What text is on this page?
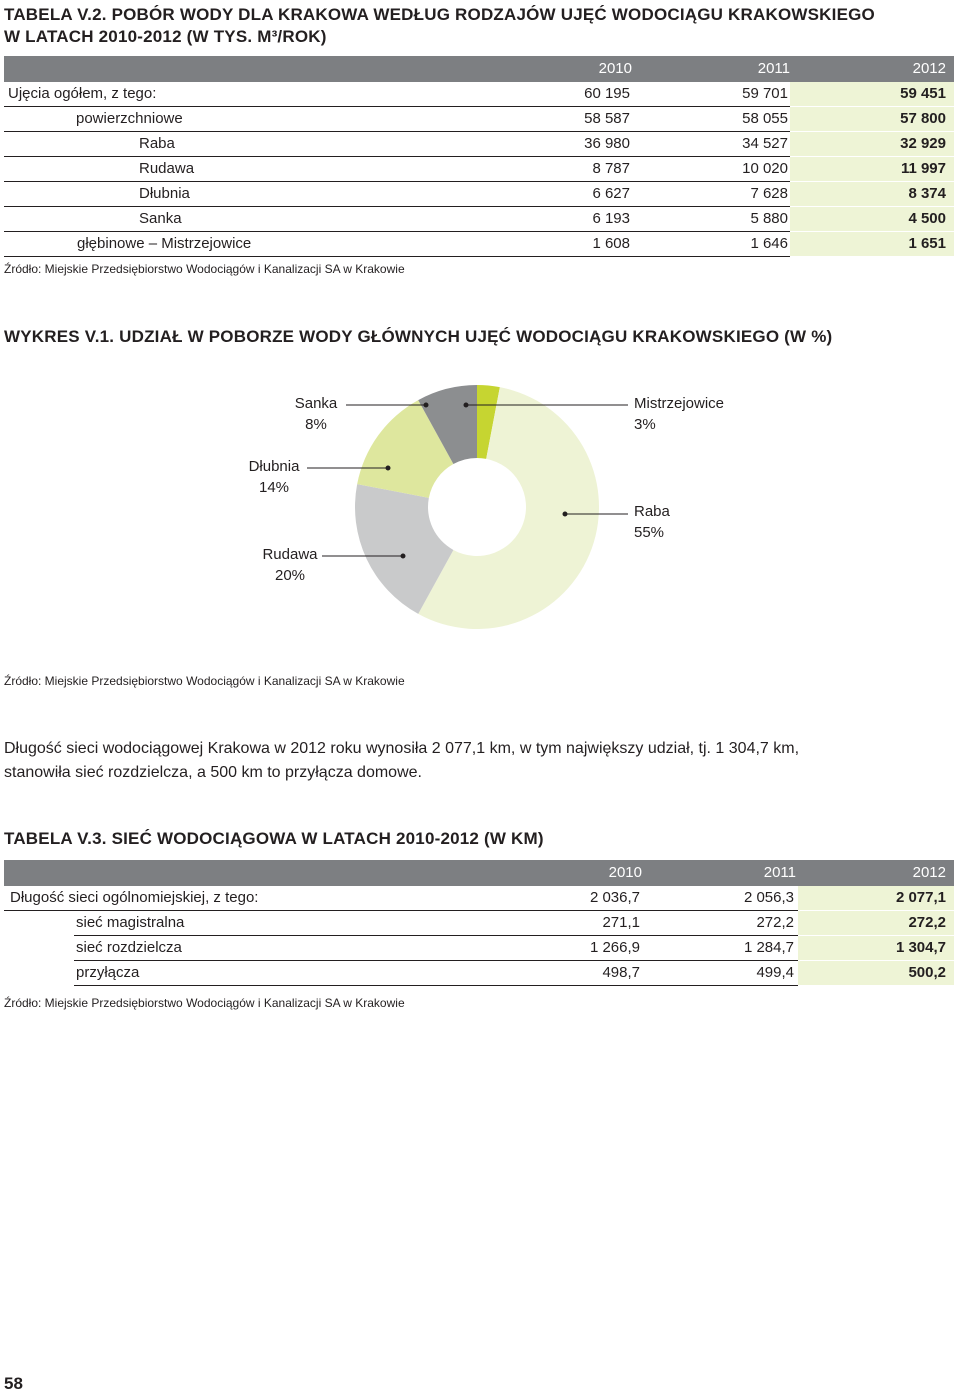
TABELA V.2. POBÓR WODY DLA KRAKOWA WEDŁUG RODZAJÓW UJĘĆ WODOCIĄGU KRAKOWSKIEGO
W LATACH 2010-2012 (W TYS. M³/ROK)
2010	2011	2012
Ujęcia ogółem, z tego:	60 195	59 701	59 451
powierzchniowe	58 587	58 055	57 800
Raba	36 980	34 527	32 929
Rudawa	8 787	10 020	11 997
Dłubnia	6 627	7 628	8 374
Sanka	6 193	5 880	4 500
głębinowe – Mistrzejowice	1 608	1 646	1 651
Źródło: Miejskie Przedsiębiorstwo Wodociągów i Kanalizacji SA w Krakowie
WYKRES V.1. UDZIAŁ W POBORZE WODY GŁÓWNYCH UJĘĆ WODOCIĄGU KRAKOWSKIEGO (W %)
Sanka
8%
Mistrzejowice
3%
Dłubnia
14%
Raba
55%
Rudawa
20%
Źródło: Miejskie Przedsiębiorstwo Wodociągów i Kanalizacji SA w Krakowie
Długość sieci wodociągowej Krakowa w 2012 roku wynosiła 2 077,1 km, w tym największy udział, tj. 1 304,7 km,
stanowiła sieć rozdzielcza, a 500 km to przyłącza domowe.
TABELA V.3. SIEĆ WODOCIĄGOWA W LATACH 2010-2012 (W KM)
2010	2011	2012
Długość sieci ogólnomiejskiej, z tego:	2 036,7	2 056,3	2 077,1
sieć magistralna	271,1	272,2	272,2
sieć rozdzielcza	1 266,9	1 284,7	1 304,7
przyłącza	498,7	499,4	500,2
Źródło: Miejskie Przedsiębiorstwo Wodociągów i Kanalizacji SA w Krakowie
58
